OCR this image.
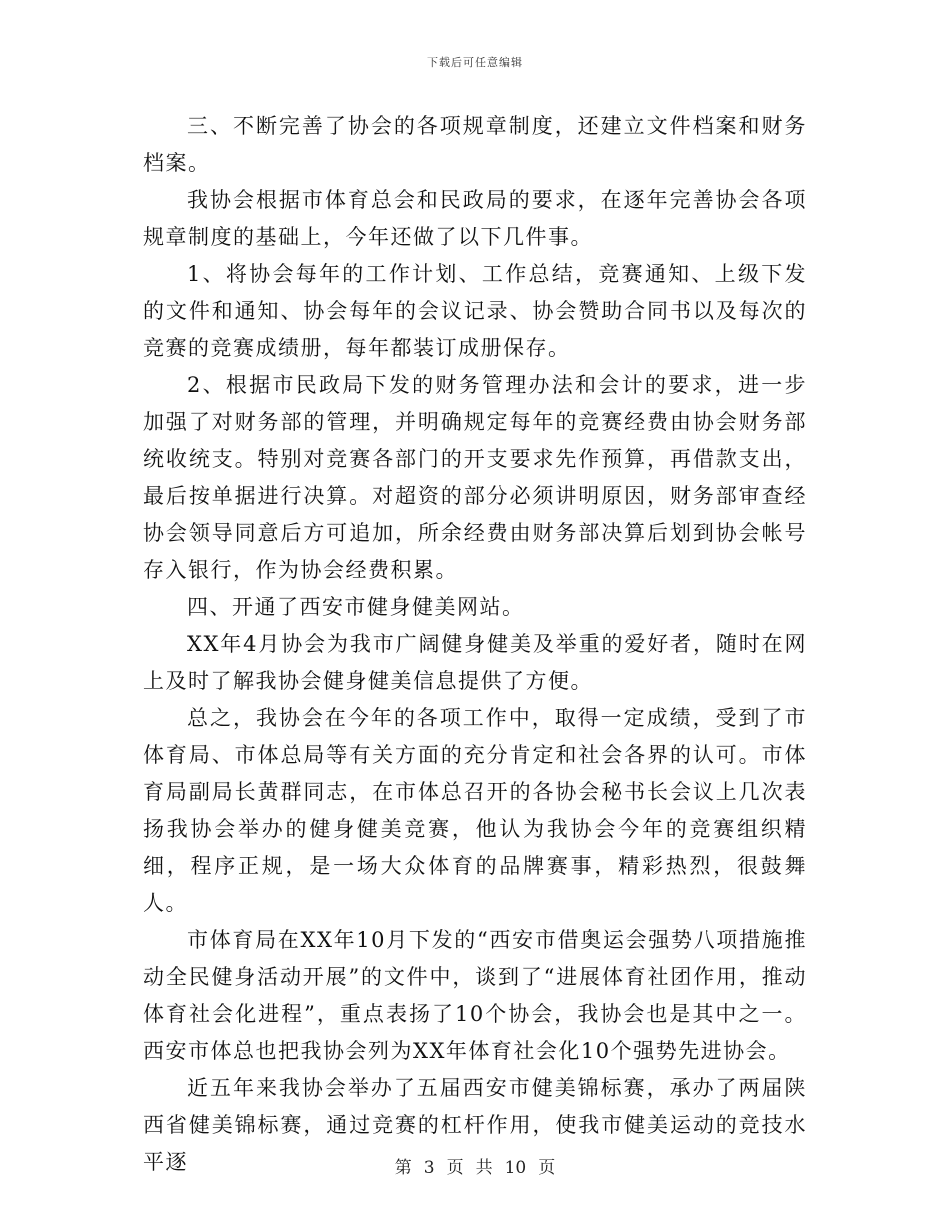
下载后可任意编辑

三、不断完善了协会的各项规章制度，还建立文件档案和财务档案。

我协会根据市体育总会和民政局的要求，在逐年完善协会各项规章制度的基础上，今年还做了以下几件事。

1、将协会每年的工作计划、工作总结，竞赛通知、上级下发的文件和通知、协会每年的会议记录、协会赞助合同书以及每次的竞赛的竞赛成绩册，每年都装订成册保存。

2、根据市民政局下发的财务管理办法和会计的要求，进一步加强了对财务部的管理，并明确规定每年的竞赛经费由协会财务部统收统支。特别对竞赛各部门的开支要求先作预算，再借款支出，最后按单据进行决算。对超资的部分必须讲明原因，财务部审查经协会领导同意后方可追加，所余经费由财务部决算后划到协会帐号存入银行，作为协会经费积累。

四、开通了西安市健身健美网站。

XX年4月协会为我市广阔健身健美及举重的爱好者，随时在网上及时了解我协会健身健美信息提供了方便。

总之，我协会在今年的各项工作中，取得一定成绩，受到了市体育局、市体总局等有关方面的充分肯定和社会各界的认可。市体育局副局长黄群同志，在市体总召开的各协会秘书长会议上几次表扬我协会举办的健身健美竞赛，他认为我协会今年的竞赛组织精细，程序正规，是一场大众体育的品牌赛事，精彩热烈，很鼓舞人。

市体育局在XX年10月下发的“西安市借奥运会强势八项措施推动全民健身活动开展”的文件中，谈到了“进展体育社团作用，推动体育社会化进程”，重点表扬了10个协会，我协会也是其中之一。西安市体总也把我协会列为XX年体育社会化10个强势先进协会。

近五年来我协会举办了五届西安市健美锦标赛，承办了两届陕西省健美锦标赛，通过竞赛的杠杆作用，使我市健美运动的竞技水平逐	第 3 页 共 10 页
